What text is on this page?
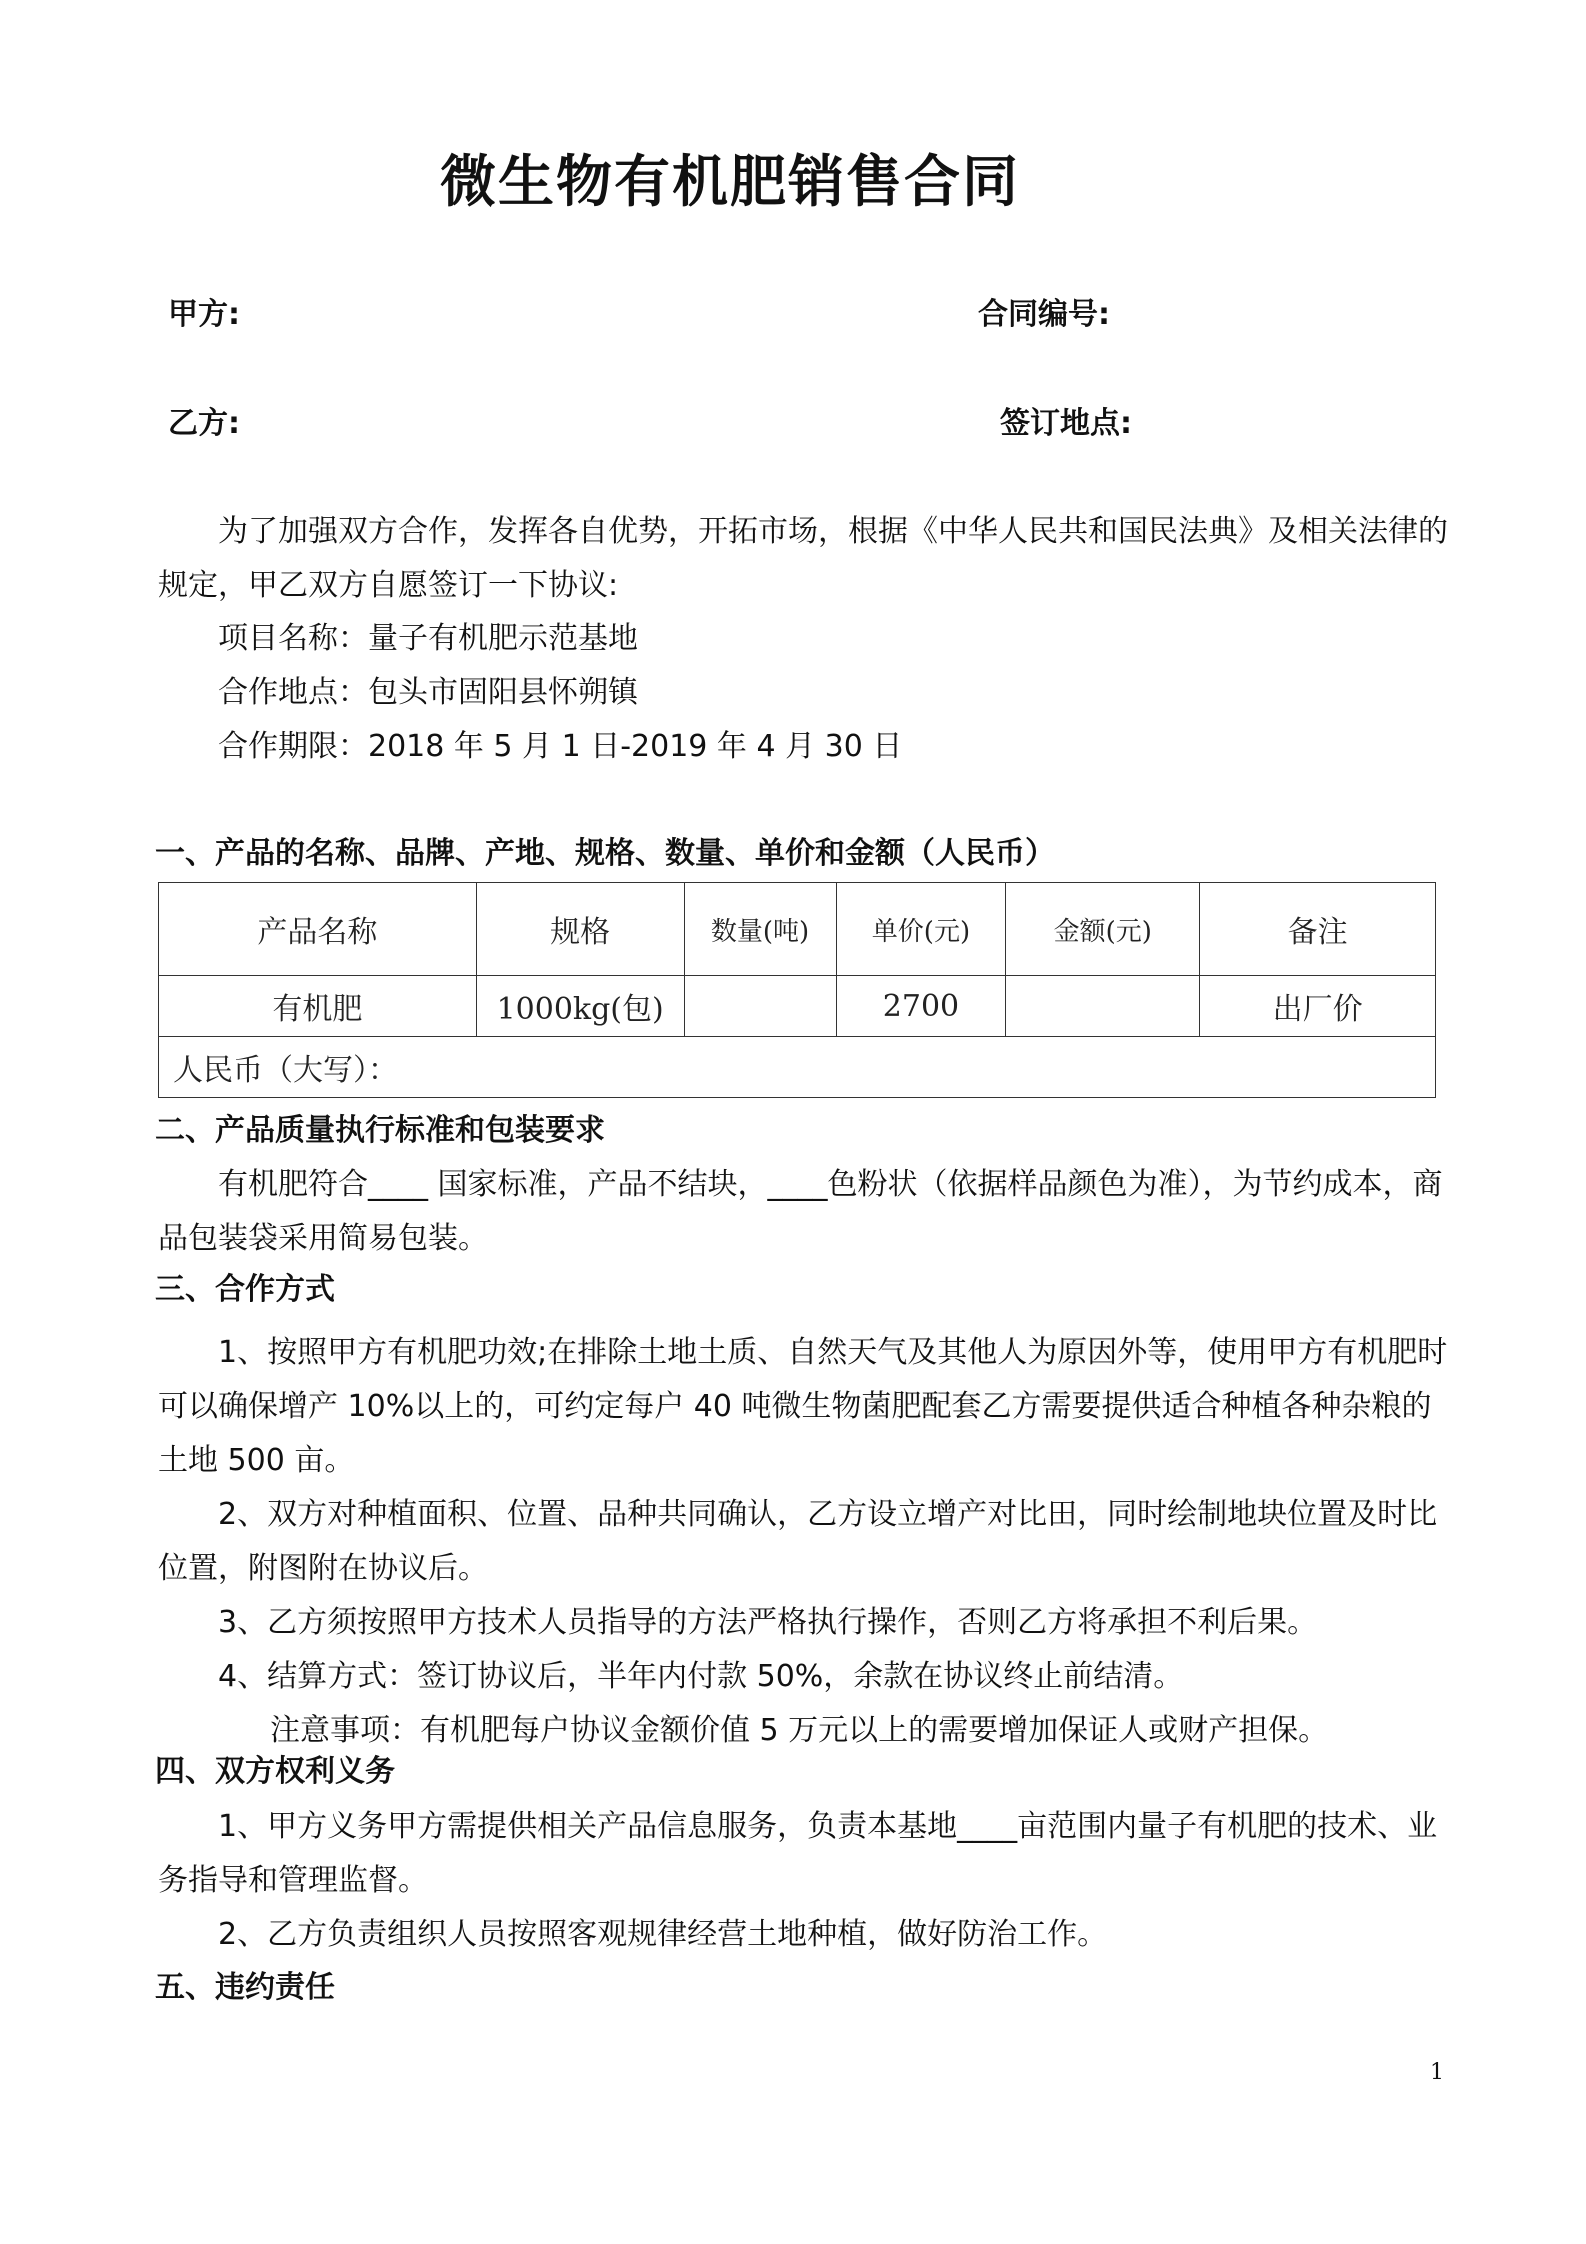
微生物有机肥销售合同
甲方:	合同编号:
乙方:	签订地点:

为了加强双方合作，发挥各自优势，开拓市场，根据《中华人民共和国民法典》及相关法律的规定，甲乙双方自愿签订一下协议:

项目名称：量子有机肥示范基地
合作地点：包头市固阳县怀朔镇
合作期限：2018 年 5 月 1 日-2019 年 4 月 30 日
一、产品的名称、品牌、产地、规格、数量、单价和金额（人民币）
产品名称	规格	数量(吨)	单价(元)	金额(元)	备注
有机肥	1000kg(包)		2700		出厂价
人民币（大写）：					
二、产品质量执行标准和包装要求

有机肥符合____ 国家标准，产品不结块，____色粉状（依据样品颜色为准），为节约成本，商品包装袋采用简易包装。

三、合作方式

1、按照甲方有机肥功效;在排除土地土质、自然天气及其他人为原因外等，使用甲方有机肥时可以确保增产 10%以上的，可约定每户 40 吨微生物菌肥配套乙方需要提供适合种植各种杂粮的土地 500 亩。

2、双方对种植面积、位置、品种共同确认，乙方设立增产对比田，同时绘制地块位置及时比位置，附图附在协议后。

3、乙方须按照甲方技术人员指导的方法严格执行操作，否则乙方将承担不利后果。

4、结算方式：签订协议后，半年内付款 50%，余款在协议终止前结清。

注意事项：有机肥每户协议金额价值 5 万元以上的需要增加保证人或财产担保。

四、双方权利义务

1、甲方义务甲方需提供相关产品信息服务，负责本基地____亩范围内量子有机肥的技术、业务指导和管理监督。

2、乙方负责组织人员按照客观规律经营土地种植，做好防治工作。

五、违约责任
1
